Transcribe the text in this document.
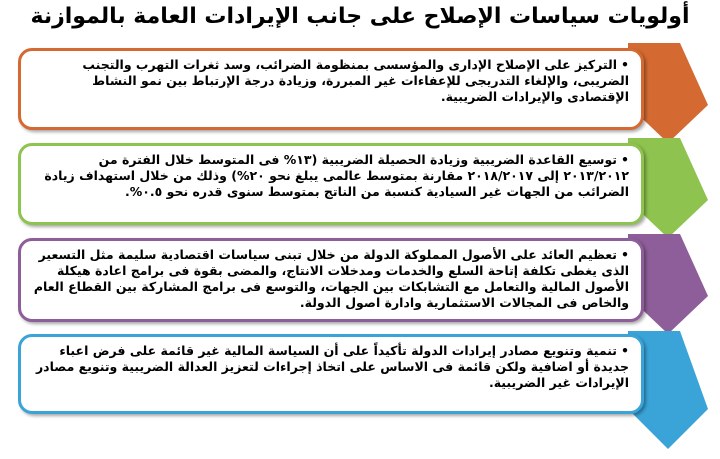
أولويات سياسات الإصلاح على جانب الإيرادات العامة بالموازنة
•التركيز على الإصلاح الإدارى والمؤسسى بمنظومة الضرائب، وسد ثغرات التهرب والتجنب الضريبى، والإلغاء التدريجى للإعفاءات غير المبررة، وزيادة درجة الإرتباط بين نمو النشاط الإقتصادى والإيرادات الضريبية.
•توسيع القاعدة الضريبية وزيادة الحصيلة الضريبية (١٣% فى المتوسط خلال الفترة من ٢٠١٣/٢٠١٢ إلى ٢٠١٨/٢٠١٧ مقارنة بمتوسط عالمى يبلغ نحو ٢٠%) وذلك من خلال استهداف زيادة الضرائب من الجهات غير السيادية كنسبة من الناتج بمتوسط سنوى قدره نحو ٠.٥%.
•تعظيم العائد على الأصول المملوكة الدولة من خلال تبنى سياسات اقتصادية سليمة مثل التسعير الذى يغطى تكلفة إتاحة السلع والخدمات ومدخلات الانتاج، والمضى بقوة فى برامج اعادة هيكلة الأصول المالية والتعامل مع التشابكات بين الجهات، والتوسع فى برامج المشاركة بين القطاع العام والخاص فى المجالات الاستثمارية وادارة اصول الدولة.
•تنمية وتنويع مصادر إيرادات الدولة تأكيداً على أن السياسة المالية غير قائمة على فرض اعباء جديدة أو اضافية ولكن قائمة فى الاساس على اتخاذ إجراءات لتعزيز العدالة الضريبية وتنويع مصادر الإيرادات غير الضريبية.
